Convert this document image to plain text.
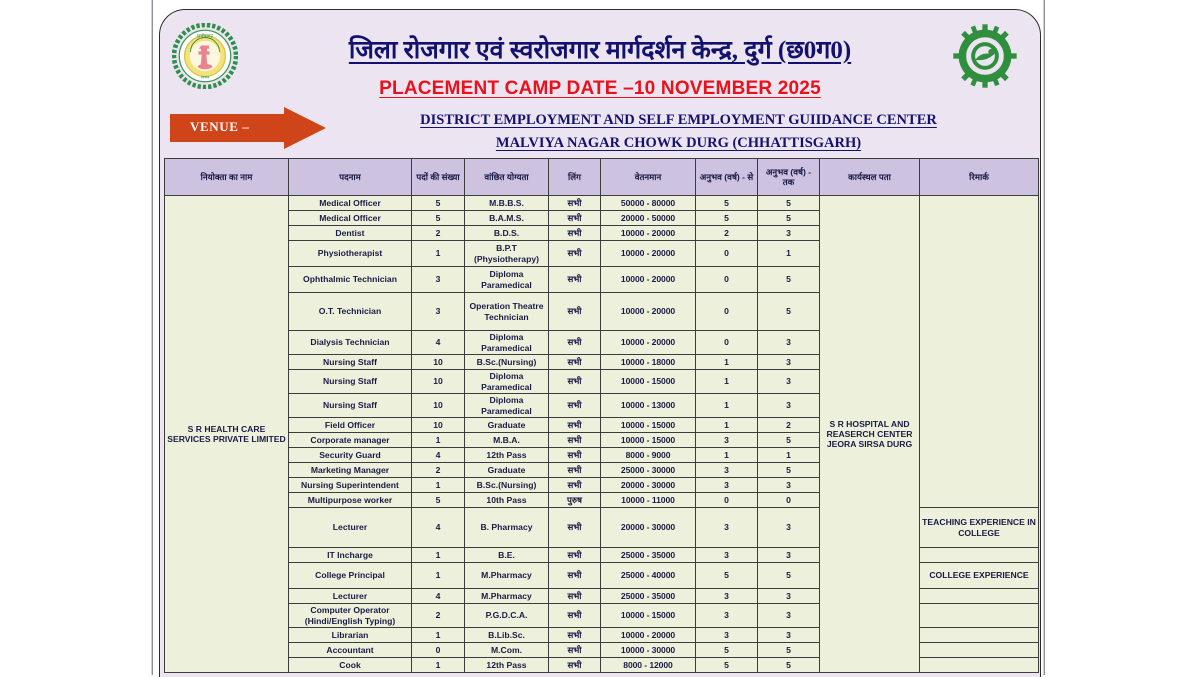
छत्तीसगढ़
शासन
जिला रोजगार एवं स्वरोजगार मार्गदर्शन केन्द्र, दुर्ग (छ0ग0)
PLACEMENT CAMP DATE –10 NOVEMBER 2025
VENUE –	DISTRICT EMPLOYMENT AND SELF EMPLOYMENT GUIIDANCE CENTER
MALVIYA NAGAR CHOWK DURG (CHHATTISGARH)
नियोक्ता का नाम	पदनाम	पदों की संख्या	वांछित योग्यता	लिंग	वेतनमान	अनुभव (वर्ष) - से	अनुभव (वर्ष) - तक	कार्यस्थल पता	रिमार्क
S R HEALTH CARE SERVICES PRIVATE LIMITED	Medical Officer	5	M.B.B.S.	सभी	50000 - 80000	5	5	S R HOSPITAL AND REASERCH CENTER JEORA SIRSA DURG	
	Medical Officer	5	B.A.M.S.	सभी	20000 - 50000	5	5		
	Dentist	2	B.D.S.	सभी	10000 - 20000	2	3		
	Physiotherapist	1	B.P.T (Physiotherapy)	सभी	10000 - 20000	0	1		
	Ophthalmic Technician	3	Diploma Paramedical	सभी	10000 - 20000	0	5		
	O.T. Technician	3	Operation Theatre Technician	सभी	10000 - 20000	0	5		
	Dialysis Technician	4	Diploma Paramedical	सभी	10000 - 20000	0	3		
	Nursing Staff	10	B.Sc.(Nursing)	सभी	10000 - 18000	1	3		
	Nursing Staff	10	Diploma Paramedical	सभी	10000 - 15000	1	3		
	Nursing Staff	10	Diploma Paramedical	सभी	10000 - 13000	1	3		
	Field Officer	10	Graduate	सभी	10000 - 15000	1	2		
	Corporate manager	1	M.B.A.	सभी	10000 - 15000	3	5		
	Security Guard	4	12th Pass	सभी	8000 - 9000	1	1		
	Marketing Manager	2	Graduate	सभी	25000 - 30000	3	5		
	Nursing Superintendent	1	B.Sc.(Nursing)	सभी	20000 - 30000	3	3		
	Multipurpose worker	5	10th Pass	पुरुष	10000 - 11000	0	0		
	Lecturer	4	B. Pharmacy	सभी	20000 - 30000	3	3		TEACHING EXPERIENCE IN COLLEGE
	IT Incharge	1	B.E.	सभी	25000 - 35000	3	3		
	College Principal	1	M.Pharmacy	सभी	25000 - 40000	5	5		COLLEGE EXPERIENCE
	Lecturer	4	M.Pharmacy	सभी	25000 - 35000	3	3		
	Computer Operator (Hindi/English Typing)	2	P.G.D.C.A.	सभी	10000 - 15000	3	3		
	Librarian	1	B.Lib.Sc.	सभी	10000 - 20000	3	3		
	Accountant	0	M.Com.	सभी	10000 - 30000	5	5		
	Cook	1	12th Pass	सभी	8000 - 12000	5	5		
